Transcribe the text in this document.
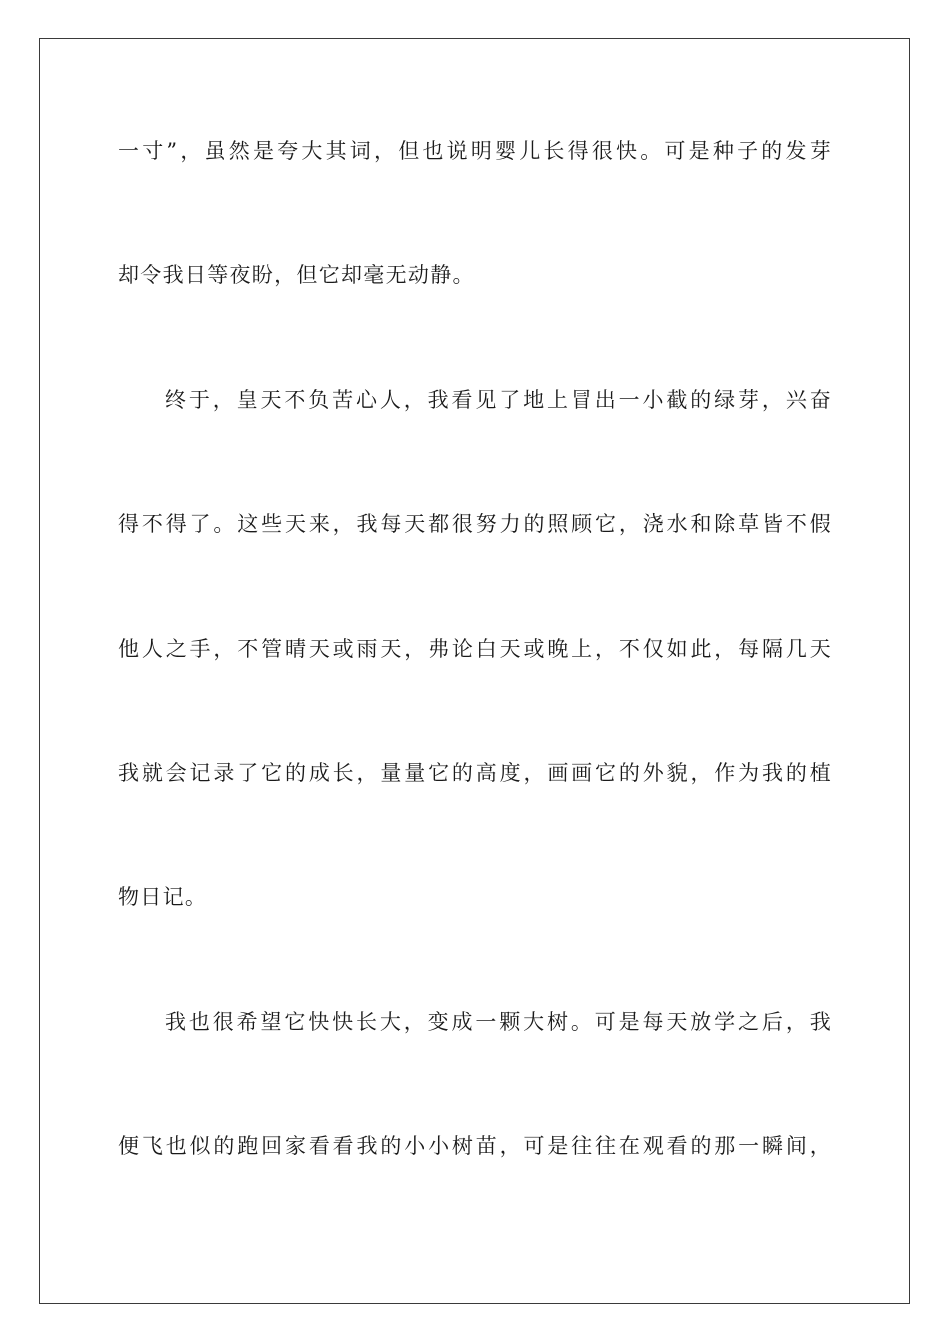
一寸”，虽然是夸大其词，但也说明婴儿长得很快。可是种子的发芽
却令我日等夜盼，但它却毫无动静。
终于，皇天不负苦心人，我看见了地上冒出一小截的绿芽，兴奋
得不得了。这些天来，我每天都很努力的照顾它，浇水和除草皆不假
他人之手，不管晴天或雨天，弗论白天或晚上，不仅如此，每隔几天
我就会记录了它的成长，量量它的高度，画画它的外貌，作为我的植
物日记。
我也很希望它快快长大，变成一颗大树。可是每天放学之后，我
便飞也似的跑回家看看我的小小树苗，可是往往在观看的那一瞬间，
